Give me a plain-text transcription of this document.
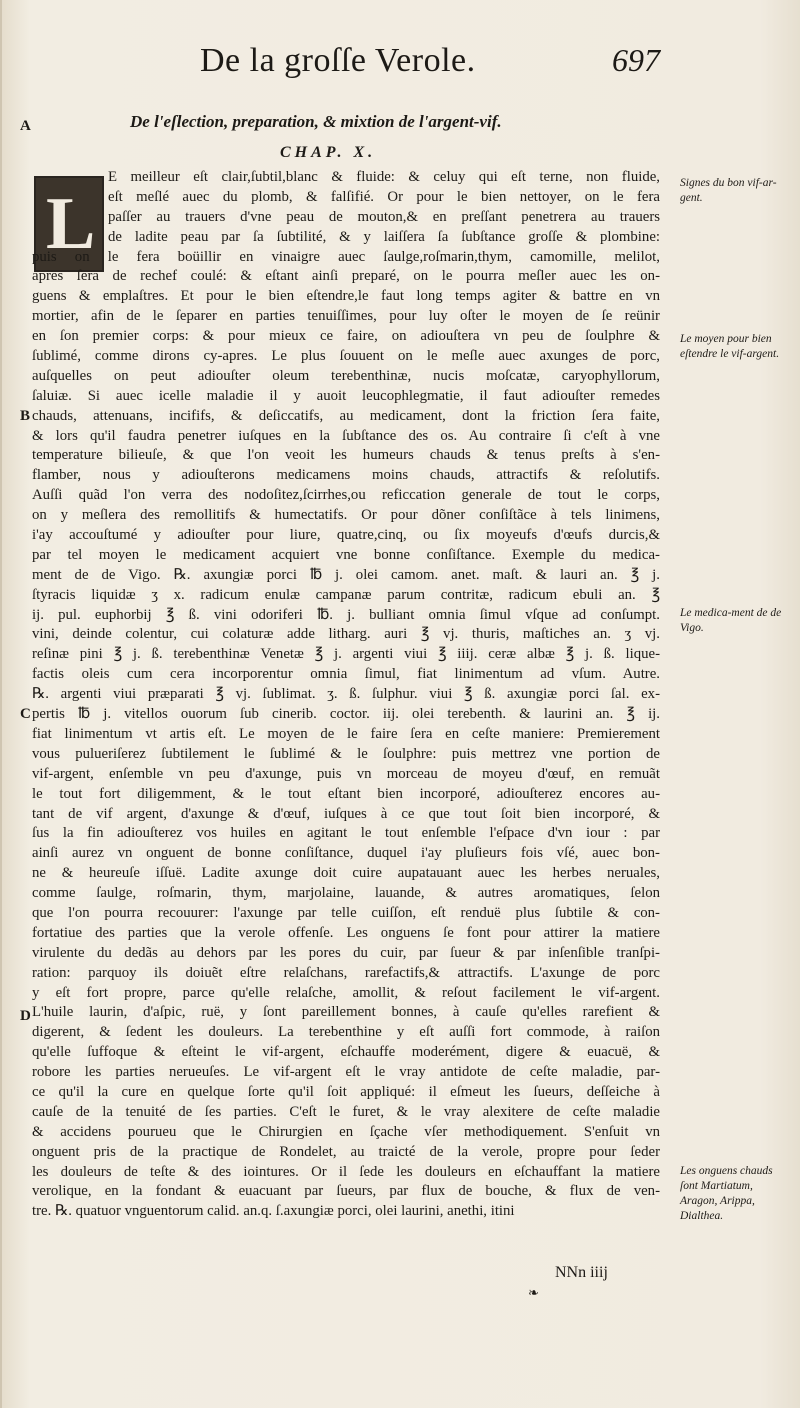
De la groſſe Verole.	697
De l'eſlection, preparation, & mixtion de l'argent-vif.
CHAP. X.
L
E meilleur eſt clair,ſubtil,blanc & fluide: & celuy qui eſt terne, non fluide,
eſt meſlé auec du plomb, & falſifié. Or pour le bien nettoyer, on le fera
paſſer au trauers d'vne peau de mouton,& en preſſant penetrera au trauers
de ladite peau par ſa ſubtilité, & y laiſſera ſa ſubſtance groſſe & plombine:
puis on le fera boüillir en vinaigre auec ſaulge,roſmarin,thym, camomille, melilot,
apres ſera de rechef coulé: & eſtant ainſi preparé, on le pourra meſler auec les on-
guens & emplaſtres. Et pour le bien eſtendre,le faut long temps agiter & battre en vn
mortier, afin de le ſeparer en parties tenuiſſimes, pour luy oſter le moyen de ſe reünir
en ſon premier corps: & pour mieux ce faire, on adiouſtera vn peu de ſoulphre &
ſublimé, comme dirons cy-apres. Le plus ſouuent on le meſle auec axunges de porc,
auſquelles on peut adiouſter oleum terebenthinæ, nucis moſcatæ, caryophyllorum,
ſaluiæ. Si auec icelle maladie il y auoit leucophlegmatie, il faut adiouſter remedes
chauds, attenuans, incififs, & deſiccatifs, au medicament, dont la friction ſera faite,
& lors qu'il faudra penetrer iuſques en la ſubſtance des os. Au contraire ſi c'eſt à vne
temperature bilieuſe, & que l'on veoit les humeurs chauds & tenus preſts à s'en-
flamber, nous y adiouſterons medicamens moins chauds, attractifs & reſolutifs.
Auſſi quãd l'on verra des nodoſitez,ſcirrhes,ou reficcation generale de tout le corps,
on y meſlera des remollitifs & humectatifs. Or pour dõner conſiſtãce à tels linimens,
i'ay accouſtumé y adiouſter pour liure, quatre,cinq, ou ſix moyeufs d'œufs durcis,&
par tel moyen le medicament acquiert vne bonne conſiſtance. Exemple du medica-
ment de de Vigo. ℞. axungiæ porci ℔ j. olei camom. anet. maſt. & lauri an. ℥ j.
ſtyracis liquidæ ʒ x. radicum enulæ campanæ parum contritæ, radicum ebuli an. ℥
ij. pul. euphorbij ℥ ß. vini odoriferi ℔. j. bulliant omnia ſimul vſque ad conſumpt.
vini, deinde colentur, cui colaturæ adde litharg. auri ℥ vj. thuris, maſtiches an. ʒ vj.
reſinæ pini ℥ j. ß. terebenthinæ Venetæ ℥ j. argenti viui ℥ iiij. ceræ albæ ℥ j. ß. lique-
factis oleis cum cera incorporentur omnia ſimul, fiat linimentum ad vſum. Autre.
℞. argenti viui præparati ℥ vj. ſublimat. ʒ. ß. ſulphur. viui ℥ ß. axungiæ porci ſal. ex-
pertis ℔ j. vitellos ouorum ſub cinerib. coctor. iij. olei terebenth. & laurini an. ℥ ij.
fiat linimentum vt artis eſt. Le moyen de le faire ſera en ceſte maniere: Premierement
vous pulueriſerez ſubtilement le ſublimé & le ſoulphre: puis mettrez vne portion de
vif-argent, enſemble vn peu d'axunge, puis vn morceau de moyeu d'œuf, en remuãt
le tout fort diligemment, & le tout eſtant bien incorporé, adiouſterez encores au-
tant de vif argent, d'axunge & d'œuf, iuſques à ce que tout ſoit bien incorporé, &
ſus la fin adiouſterez vos huiles en agitant le tout enſemble l'eſpace d'vn iour : par
ainſi aurez vn onguent de bonne conſiſtance, duquel i'ay pluſieurs fois vſé, auec bon-
ne & heureuſe iſſuë. Ladite axunge doit cuire aupatauant auec les herbes neruales,
comme ſaulge, roſmarin, thym, marjolaine, lauande, & autres aromatiques, ſelon
que l'on pourra recouurer: l'axunge par telle cuiſſon, eſt renduë plus ſubtile & con-
fortatiue des parties que la verole offenſe. Les onguens ſe font pour attirer la matiere
virulente du dedãs au dehors par les pores du cuir, par ſueur & par inſenſible tranſpi-
ration: parquoy ils doiuẽt eſtre relaſchans, rarefactifs,& attractifs. L'axunge de porc
y eſt fort propre, parce qu'elle relaſche, amollit, & reſout facilement le vif-argent.
L'huile laurin, d'aſpic, ruë, y ſont pareillement bonnes, à cauſe qu'elles rarefient &
digerent, & ſedent les douleurs. La terebenthine y eſt auſſi fort commode, à raiſon
qu'elle ſuffoque & eſteint le vif-argent, eſchauffe moderément, digere & euacuë, &
robore les parties nerueuſes. Le vif-argent eſt le vray antidote de ceſte maladie, par-
ce qu'il la cure en quelque ſorte qu'il ſoit appliqué: il eſmeut les ſueurs, deſſeiche à
cauſe de la tenuité de ſes parties. C'eſt le furet, & le vray alexitere de ceſte maladie
& accidens pourueu que le Chirurgien en ſçache vſer methodiquement. S'enſuit vn
onguent pris de la practique de Rondelet, au traicté de la verole, propre pour ſeder
les douleurs de teſte & des iointures. Or il ſede les douleurs en eſchauffant la matiere
verolique, en la fondant & euacuant par ſueurs, par flux de bouche, & flux de ven-
tre. ℞. quatuor vnguentorum calid. an.q. ſ.axungiæ porci, olei laurini, anethi, itini
Signes du bon vif-ar-gent.
Le moyen pour bien eſtendre le vif-argent.
Le medica-ment de de Vigo.
Les onguens chauds ſont Martiatum, Aragon, Arippa, Dialthea.
A
B
C
D
NNn iiij
❧
